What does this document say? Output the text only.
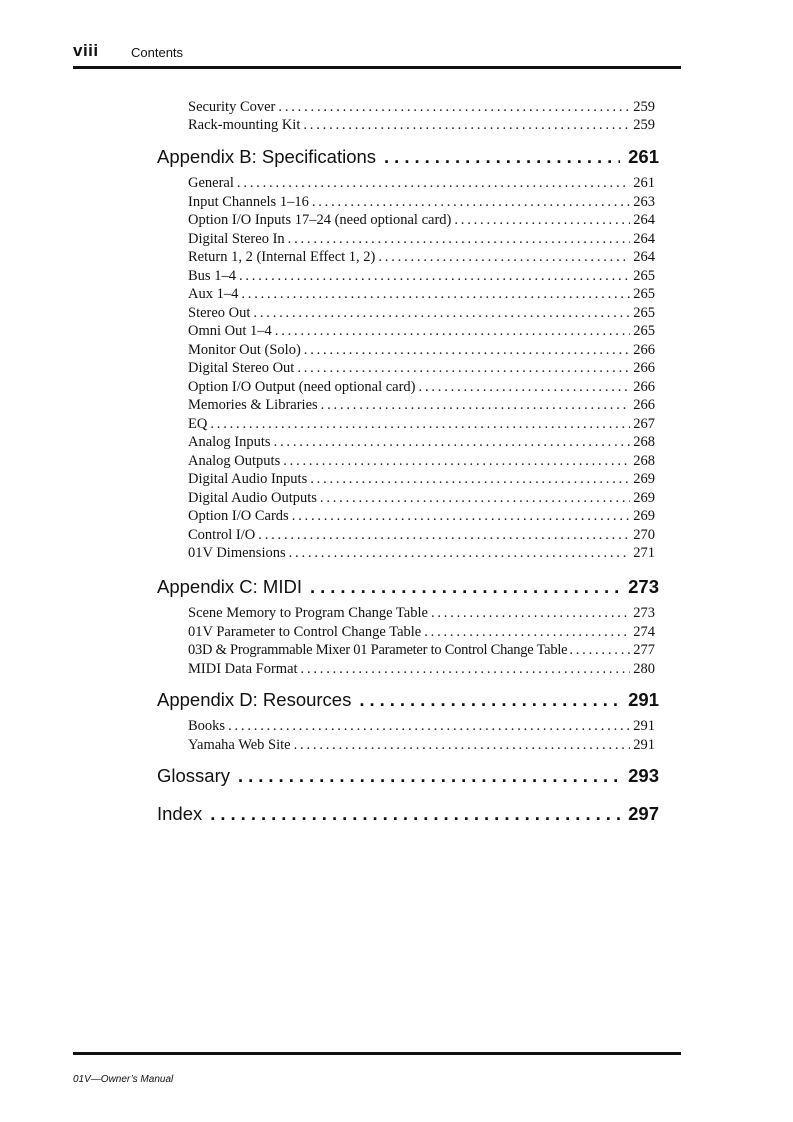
viii Contents
Security Cover .....	259
Rack-mounting Kit .....	259
Appendix B: Specifications .....	261
General .....	261
Input Channels 1–16 .....	263
Option I/O Inputs 17–24 (need optional card) .....	264
Digital Stereo In .....	264
Return 1, 2 (Internal Effect 1, 2) .....	264
Bus 1–4 .....	265
Aux 1–4 .....	265
Stereo Out .....	265
Omni Out 1–4 .....	265
Monitor Out (Solo) .....	266
Digital Stereo Out .....	266
Option I/O Output (need optional card) .....	266
Memories & Libraries .....	266
EQ .....	267
Analog Inputs .....	268
Analog Outputs .....	268
Digital Audio Inputs .....	269
Digital Audio Outputs .....	269
Option I/O Cards .....	269
Control I/O .....	270
01V Dimensions .....	271
Appendix C: MIDI .....	273
Scene Memory to Program Change Table .....	273
01V Parameter to Control Change Table .....	274
03D & Programmable Mixer 01 Parameter to Control Change Table .....	277
MIDI Data Format .....	280
Appendix D: Resources .....	291
Books .....	291
Yamaha Web Site .....	291
Glossary .....	293
Index .....	297
01V—Owner’s Manual
